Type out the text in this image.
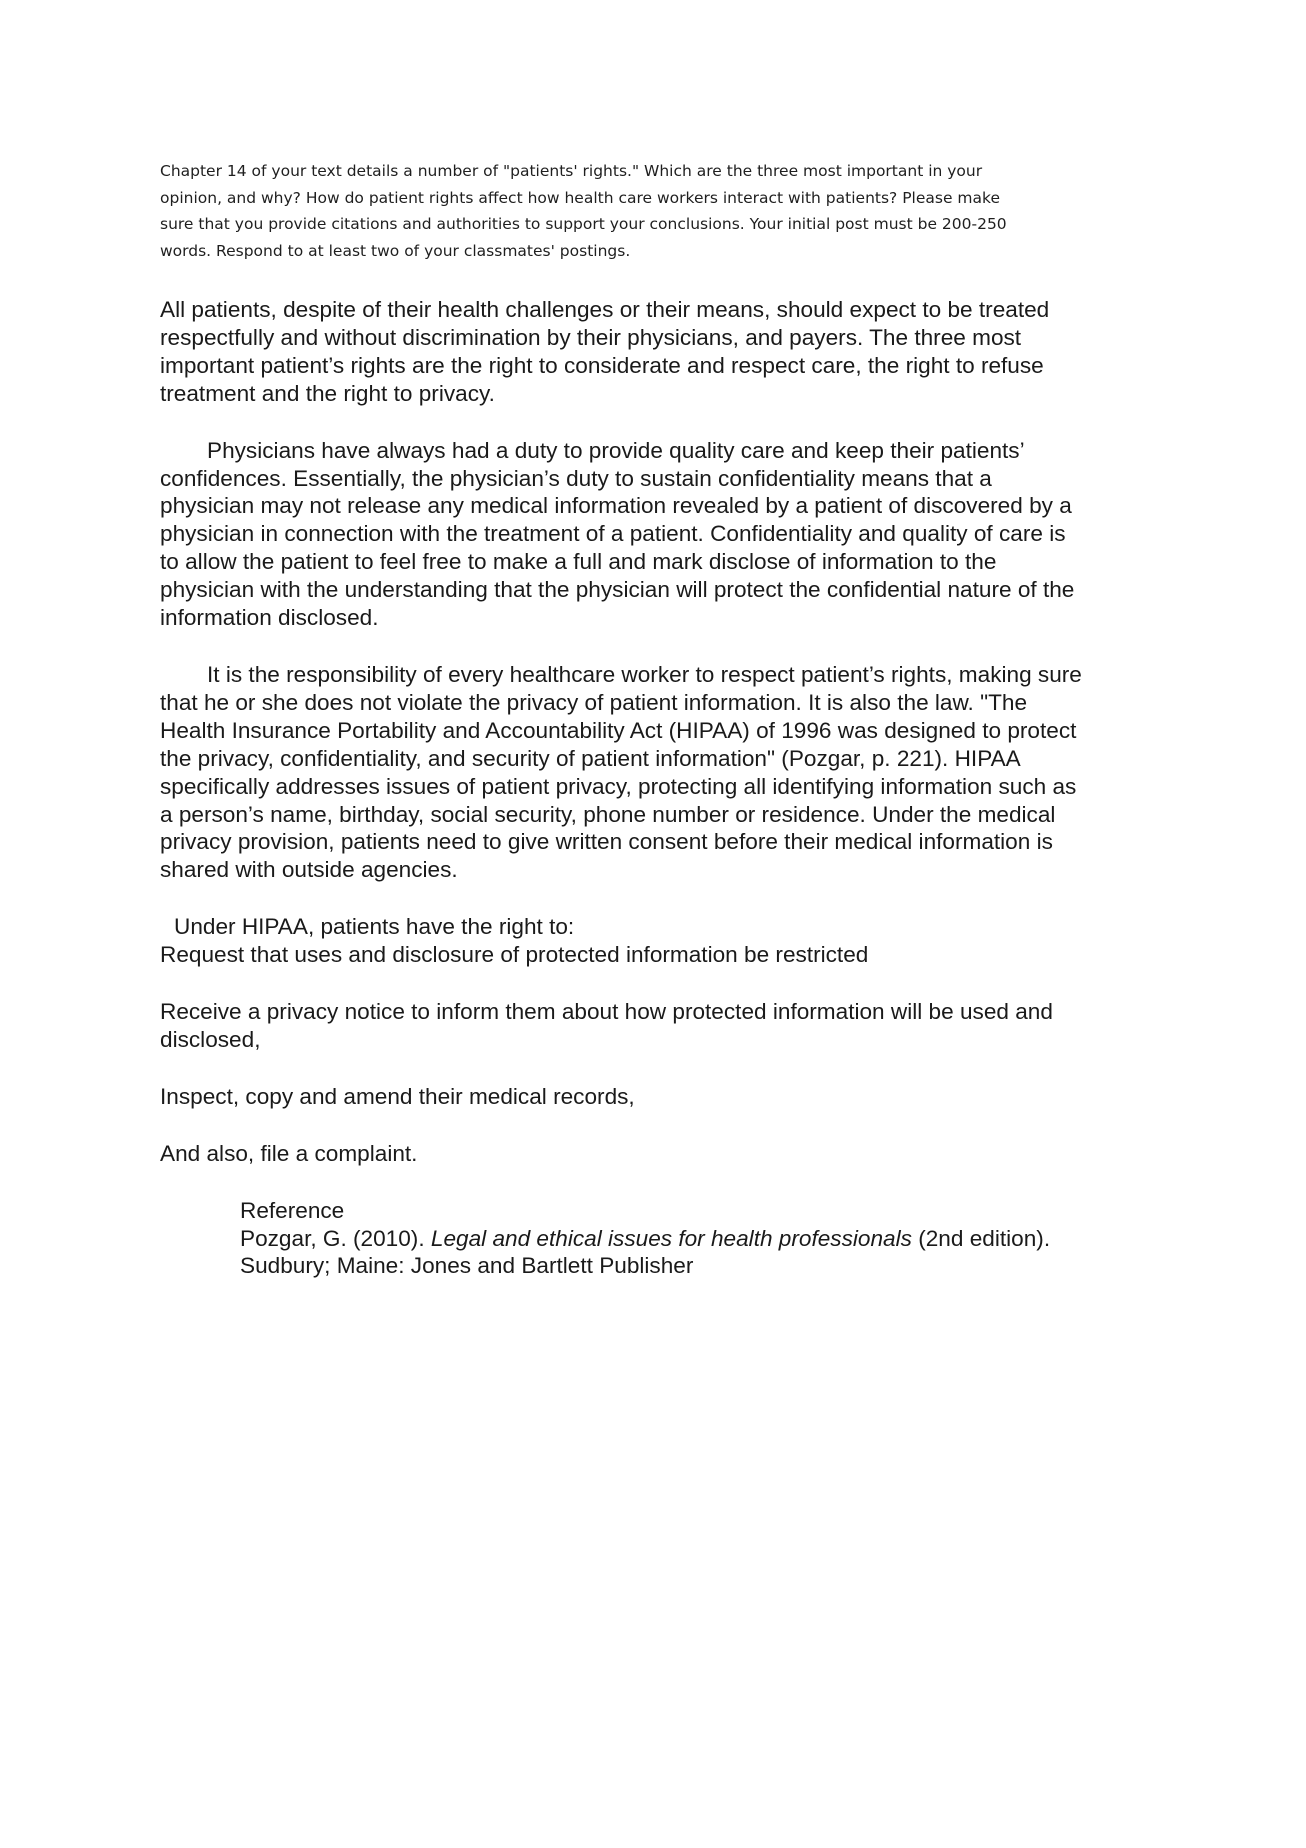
Chapter 14 of your text details a number of "patients' rights." Which are the three most important in your
opinion, and why? How do patient rights affect how health care workers interact with patients? Please make
sure that you provide citations and authorities to support your conclusions. Your initial post must be 200-250
words. Respond to at least two of your classmates' postings.

All patients, despite of their health challenges or their means, should expect to be treated
respectfully and without discrimination by their physicians, and payers. The three most
important patient’s rights are the right to considerate and respect care, the right to refuse
treatment and the right to privacy.

Physicians have always had a duty to provide quality care and keep their patients’
confidences. Essentially, the physician’s duty to sustain confidentiality means that a
physician may not release any medical information revealed by a patient of discovered by a
physician in connection with the treatment of a patient. Confidentiality and quality of care is
to allow the patient to feel free to make a full and mark disclose of information to the
physician with the understanding that the physician will protect the confidential nature of the
information disclosed.

It is the responsibility of every healthcare worker to respect patient’s rights, making sure
that he or she does not violate the privacy of patient information. It is also the law. "The
Health Insurance Portability and Accountability Act (HIPAA) of 1996 was designed to protect
the privacy, confidentiality, and security of patient information" (Pozgar, p. 221). HIPAA
specifically addresses issues of patient privacy, protecting all identifying information such as
a person’s name, birthday, social security, phone number or residence. Under the medical
privacy provision, patients need to give written consent before their medical information is
shared with outside agencies.

Under HIPAA, patients have the right to:

Request that uses and disclosure of protected information be restricted

Receive a privacy notice to inform them about how protected information will be used and
disclosed,

Inspect, copy and amend their medical records,

And also, file a complaint.

Reference

Pozgar, G. (2010). Legal and ethical issues for health professionals (2nd edition).

Sudbury; Maine: Jones and Bartlett Publisher
